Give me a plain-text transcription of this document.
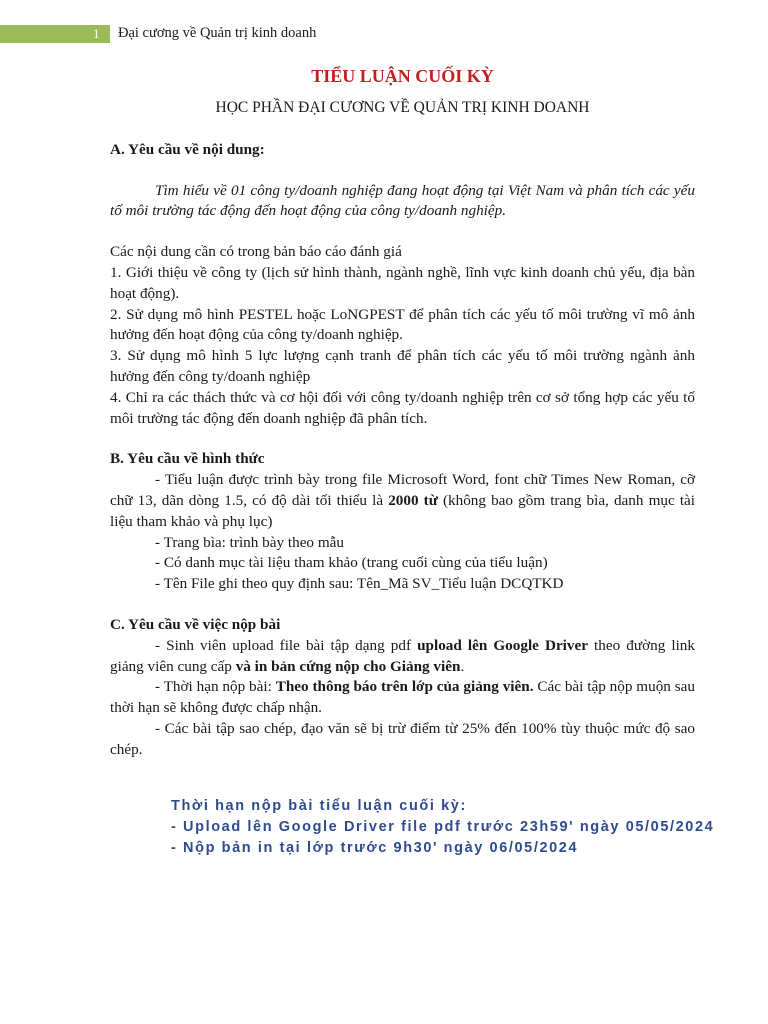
1 Đại cương về Quản trị kinh doanh

TIỂU LUẬN CUỐI KỲ

HỌC PHẦN ĐẠI CƯƠNG VỀ QUẢN TRỊ KINH DOANH

A. Yêu cầu về nội dung:

Tìm hiểu về 01 công ty/doanh nghiệp đang hoạt động tại Việt Nam và phân tích các yếu tố môi trường tác động đến hoạt động của công ty/doanh nghiệp.

Các nội dung cần có trong bản báo cáo đánh giá

1. Giới thiệu về công ty (lịch sử hình thành, ngành nghề, lĩnh vực kinh doanh chủ yếu, địa bàn hoạt động).

2. Sử dụng mô hình PESTEL hoặc LoNGPEST để phân tích các yếu tố môi trường vĩ mô ảnh hưởng đến hoạt động của công ty/doanh nghiệp.

3. Sử dụng mô hình 5 lực lượng cạnh tranh để phân tích các yếu tố môi trường ngành ảnh hưởng đến công ty/doanh nghiệp

4. Chỉ ra các thách thức và cơ hội đối với công ty/doanh nghiệp trên cơ sở tổng hợp các yếu tố môi trường tác động đến doanh nghiệp đã phân tích.

B. Yêu cầu về hình thức

- Tiểu luận được trình bày trong file Microsoft Word, font chữ Times New Roman, cỡ chữ 13, dãn dòng 1.5, có độ dài tối thiểu là 2000 từ (không bao gồm trang bìa, danh mục tài liệu tham khảo và phụ lục)

- Trang bìa: trình bày theo mẫu

- Có danh mục tài liệu tham khảo (trang cuối cùng của tiểu luận)

- Tên File ghi theo quy định sau: Tên_Mã SV_Tiểu luận DCQTKD

C. Yêu cầu về việc nộp bài

- Sinh viên upload file bài tập dạng pdf upload lên Google Driver theo đường link giảng viên cung cấp và in bản cứng nộp cho Giảng viên.

- Thời hạn nộp bài: Theo thông báo trên lớp của giảng viên. Các bài tập nộp muộn sau thời hạn sẽ không được chấp nhận.

- Các bài tập sao chép, đạo văn sẽ bị trừ điểm từ 25% đến 100% tùy thuộc mức độ sao chép.

Thời hạn nộp bài tiểu luận cuối kỳ:
- Upload lên Google Driver file pdf trước 23h59' ngày 05/05/2024
- Nộp bản in tại lớp trước 9h30' ngày 06/05/2024
